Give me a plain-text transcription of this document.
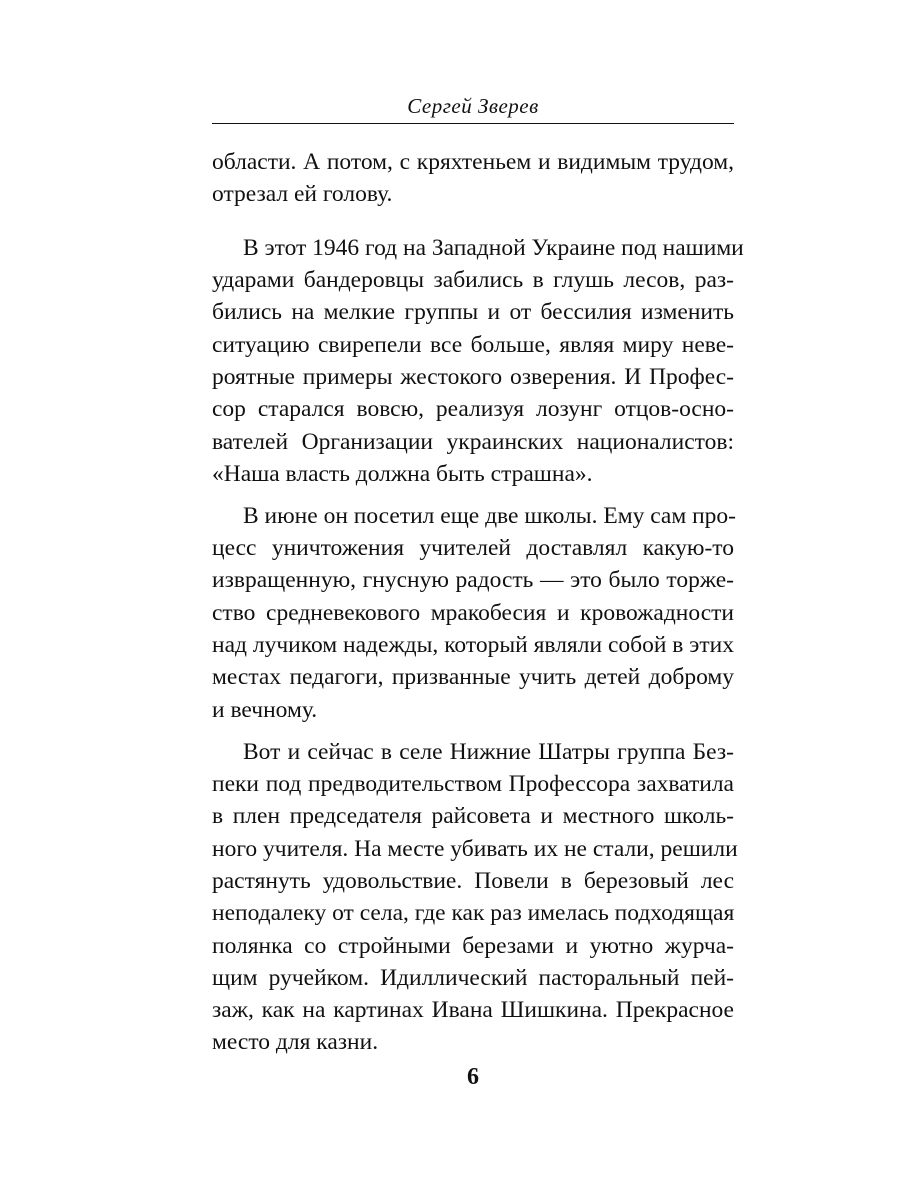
Сергей Зверев
области. А потом, с кряхтеньем и видимым трудом,
отрезал ей голову.
В этот 1946 год на Западной Украине под нашими
ударами бандеровцы забились в глушь лесов, раз-
бились на мелкие группы и от бессилия изменить
ситуацию свирепели все больше, являя миру неве-
роятные примеры жестокого озверения. И Профес-
сор старался вовсю, реализуя лозунг отцов-осно-
вателей Организации украинских националистов:
«Наша власть должна быть страшна».
В июне он посетил еще две школы. Ему сам про-
цесс уничтожения учителей доставлял какую-то
извращенную, гнусную радость — это было торже-
ство средневекового мракобесия и кровожадности
над лучиком надежды, который являли собой в этих
местах педагоги, призванные учить детей доброму
и вечному.
Вот и сейчас в селе Нижние Шатры группа Без-
пеки под предводительством Профессора захватила
в плен председателя райсовета и местного школь-
ного учителя. На месте убивать их не стали, решили
растянуть удовольствие. Повели в березовый лес
неподалеку от села, где как раз имелась подходящая
полянка со стройными березами и уютно журча-
щим ручейком. Идиллический пасторальный пей-
заж, как на картинах Ивана Шишкина. Прекрасное
место для казни.
6
